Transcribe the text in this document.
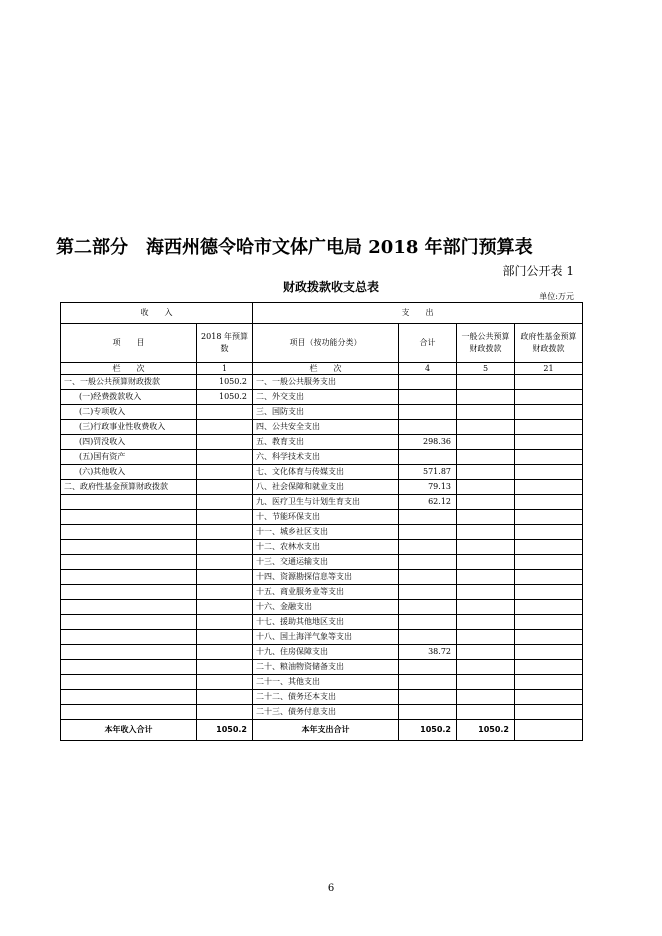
第二部分　海西州德令哈市文体广电局 2018 年部门预算表
部门公开表 1
财政拨款收支总表
单位:万元
收　　入		支　　出			
项　　目	2018 年预算数	项目（按功能分类）	合计	一般公共预算财政拨款	政府性基金预算财政拨款
栏　　次	1	栏　　次	4	5	21
一、一般公共预算财政拨款	1050.2	一、一般公共服务支出			
(一)经费拨款收入	1050.2	二、外交支出			
(二)专项收入		三、国防支出			
(三)行政事业性收费收入		四、公共安全支出			
(四)罚没收入		五、教育支出	298.36		
(五)国有资产		六、科学技术支出			
(六)其他收入		七、文化体育与传媒支出	571.87		
二、政府性基金预算财政拨款		八、社会保障和就业支出	79.13		
		九、医疗卫生与计划生育支出	62.12		
		十、节能环保支出			
		十一、城乡社区支出			
		十二、农林水支出			
		十三、交通运输支出			
		十四、资源勘探信息等支出			
		十五、商业服务业等支出			
		十六、金融支出			
		十七、援助其他地区支出			
		十八、国土海洋气象等支出			
		十九、住房保障支出	38.72		
		二十、粮油物资储备支出			
		二十一、其他支出			
		二十二、债务还本支出			
		二十三、债务付息支出			
本年收入合计	1050.2	本年支出合计	1050.2	1050.2	
6
